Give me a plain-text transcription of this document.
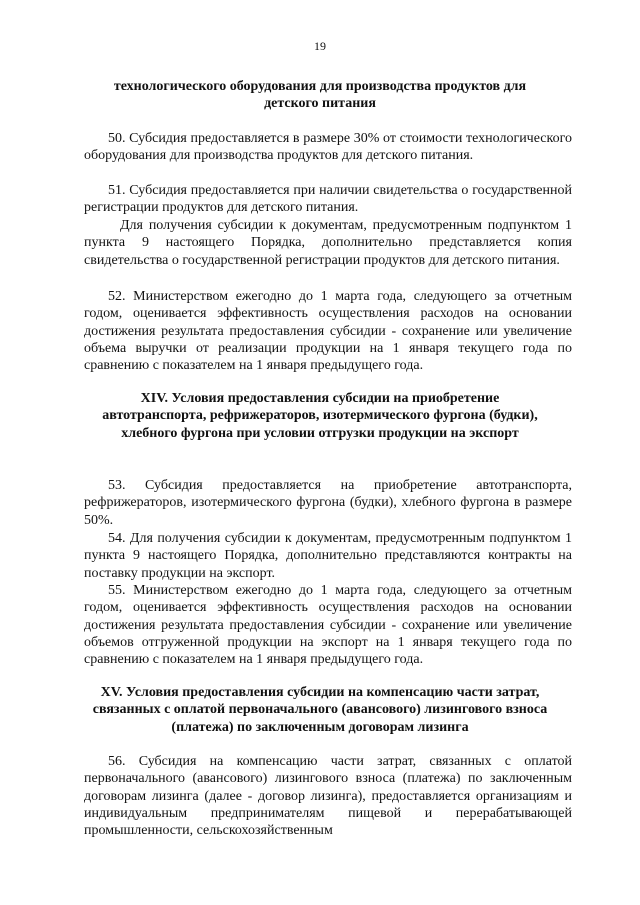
19
технологического оборудования для производства продуктов для детского питания

50. Субсидия предоставляется в размере 30% от стоимости технологического оборудования для производства продуктов для детского питания.

51. Субсидия предоставляется при наличии свидетельства о государственной регистрации продуктов для детского питания.

Для получения субсидии к документам, предусмотренным подпунктом 1 пункта 9 настоящего Порядка, дополнительно представляется копия свидетельства о государственной регистрации продуктов для детского питания.

52. Министерством ежегодно до 1 марта года, следующего за отчетным годом, оценивается эффективность осуществления расходов на основании достижения результата предоставления субсидии - сохранение или увеличение объема выручки от реализации продукции на 1 января текущего года по сравнению с показателем на 1 января предыдущего года.

XIV. Условия предоставления субсидии на приобретение автотранспорта, рефрижераторов, изотермического фургона (будки), хлебного фургона при условии отгрузки продукции на экспорт

53. Субсидия предоставляется на приобретение автотранспорта, рефрижераторов, изотермического фургона (будки), хлебного фургона в размере 50%.

54. Для получения субсидии к документам, предусмотренным подпунктом 1 пункта 9 настоящего Порядка, дополнительно представляются контракты на поставку продукции на экспорт.

55. Министерством ежегодно до 1 марта года, следующего за отчетным годом, оценивается эффективность осуществления расходов на основании достижения результата предоставления субсидии - сохранение или увеличение объемов отгруженной продукции на экспорт на 1 января текущего года по сравнению с показателем на 1 января предыдущего года.

XV. Условия предоставления субсидии на компенсацию части затрат, связанных с оплатой первоначального (авансового) лизингового взноса (платежа) по заключенным договорам лизинга

56. Субсидия на компенсацию части затрат, связанных с оплатой первоначального (авансового) лизингового взноса (платежа) по заключенным договорам лизинга (далее - договор лизинга), предоставляется организациям и индивидуальным предпринимателям пищевой и перерабатывающей промышленности, сельскохозяйственным
